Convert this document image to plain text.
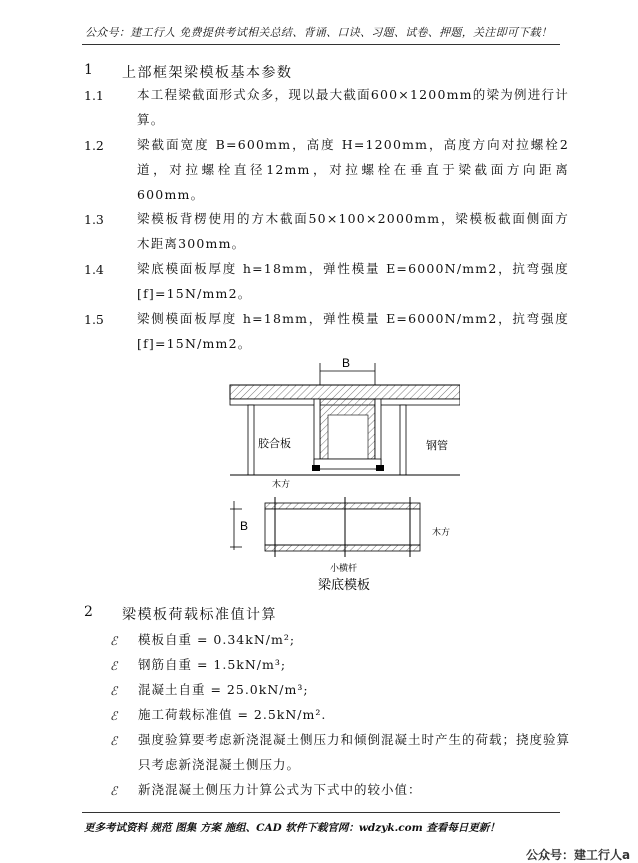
公众号：建工行人 免费提供考试相关总结、背诵、口诀、习题、试卷、押题，关注即可下载！
1 上部框架梁模板基本参数
1.1	本工程梁截面形式众多，现以最大截面600×1200mm的梁为例进行计算。
1.2	梁截面宽度 B=600mm，高度 H=1200mm，高度方向对拉螺栓2道，对拉螺栓直径12mm，对拉螺栓在垂直于梁截面方向距离600mm。
1.3	梁模板背楞使用的方木截面50×100×2000mm，梁模板截面侧面方木距离300mm。
1.4	梁底模面板厚度 h=18mm，弹性模量 E=6000N/mm2，抗弯强度[f]=15N/mm2。
1.5	梁侧模面板厚度 h=18mm，弹性模量 E=6000N/mm2，抗弯强度[f]=15N/mm2。
B
胶合板	钢管
木方
B	木方
小横杆
梁底模板
2 梁模板荷载标准值计算
ℰ 模板自重 = 0.34kN/m²;
ℰ 钢筋自重 = 1.5kN/m³;
ℰ 混凝土自重 = 25.0kN/m³;
ℰ 施工荷载标准值 = 2.5kN/m².
ℰ 强度验算要考虑新浇混凝土侧压力和倾倒混凝土时产生的荷载；挠度验算只考虑新浇混凝土侧压力。
ℰ 新浇混凝土侧压力计算公式为下式中的较小值：
更多考试资料 规范 图集 方案 施组、CAD 软件下载官网：wdzyk.com 查看每日更新！
公众号：建工行人a
